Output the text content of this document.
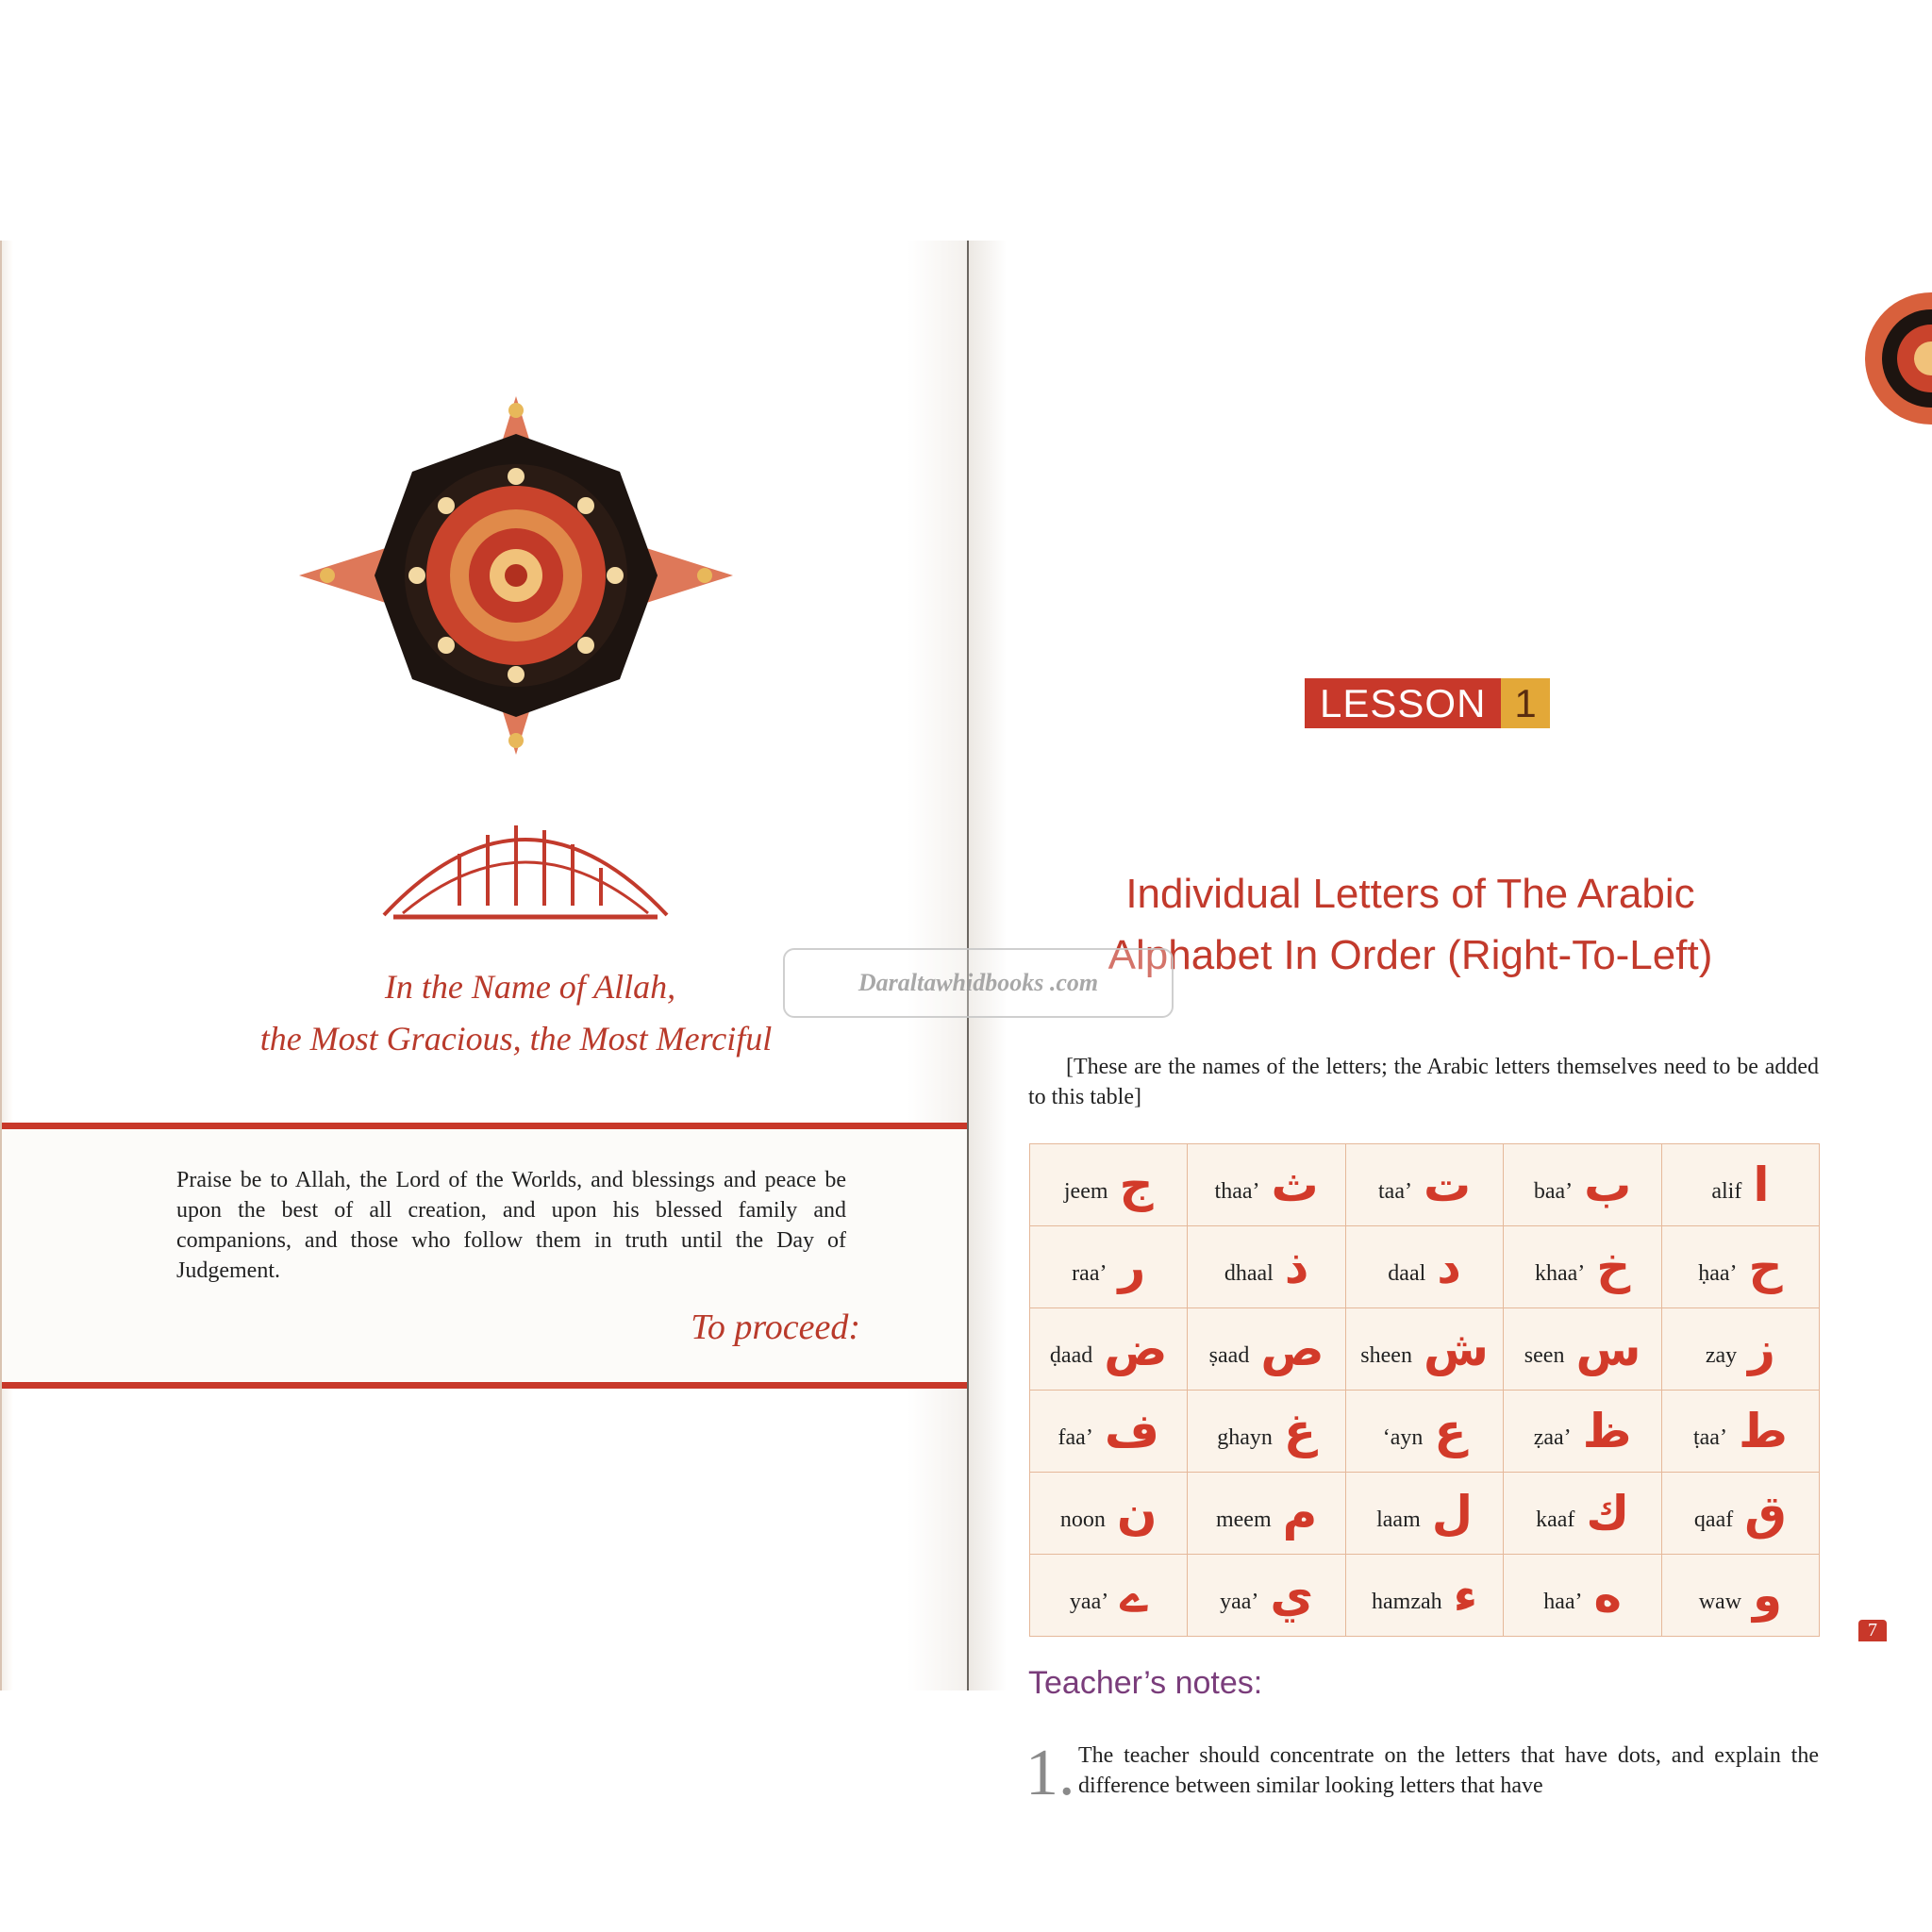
In the Name of Allah,
the Most Gracious, the Most Merciful
Praise be to Allah, the Lord of the Worlds, and blessings and peace be upon the best of all creation, and upon his blessed family and companions, and those who follow them in truth until the Day of Judgement.
To proceed:
LESSON 1
Individual Letters of The Arabic
Alphabet In Order (Right-To-Left)
[These are the names of the letters; the Arabic letters themselves need to be added to this table]
jeem ج	thaa’ ث	taa’ ت	baa’ ب	alif ا

raa’ ر	dhaal ذ	daal د	khaa’ خ	ḥaa’ ح

ḍaad ض	ṣaad ص	sheen ش	seen س	zay ز

faa’ ف	ghayn غ	‘ayn ع	ẓaa’ ظ	ṭaa’ ط

noon ن	meem م	laam ل	kaaf ك	qaaf ق

yaa’ ے	yaa’ ي	hamzah ء	haa’ ه	waw و
Teacher’s notes:
1. The teacher should concentrate on the letters that have dots, and explain the difference between similar looking letters that have
7
Daraltawhidbooks .com
